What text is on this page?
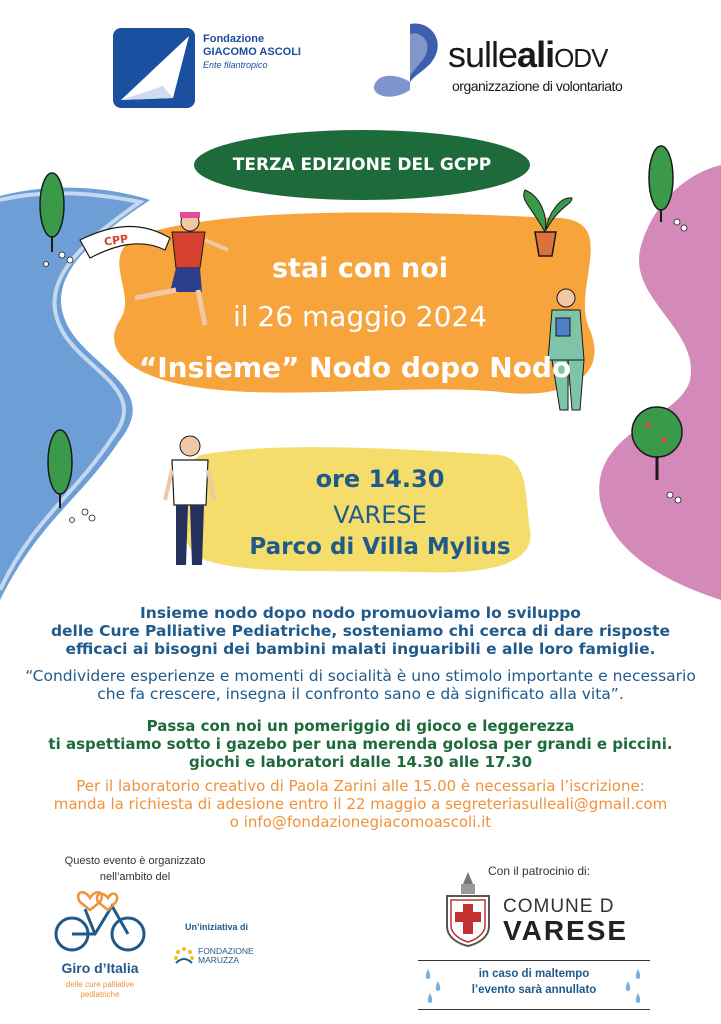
Fondazione
GIACOMO ASCOLI
Ente filantropico	sullealiODV
organizzazione di volontariato
TERZA EDIZIONE DEL GCPP
CPP
stai con noi
il 26 maggio 2024
“Insieme” Nodo dopo Nodo
ore 14.30
VARESE
Parco di Villa Mylius
Insieme nodo dopo nodo promuoviamo lo sviluppo
delle Cure Palliative Pediatriche, sosteniamo chi cerca di dare risposte
efficaci ai bisogni dei bambini malati inguaribili e alle loro famiglie.
“Condividere esperienze e momenti di socialità è uno stimolo importante e necessario
che fa crescere, insegna il confronto sano e dà significato alla vita”.
Passa con noi un pomeriggio di gioco e leggerezza
ti aspettiamo sotto i gazebo per una merenda golosa per grandi e piccini.
giochi e laboratori dalle 14.30 alle 17.30
Per il laboratorio creativo di Paola Zarini alle 15.00 è necessaria l’iscrizione:
manda la richiesta di adesione entro il 22 maggio a segreteriasulleali@gmail.com
o info@fondazionegiacomoascoli.it
Questo evento è organizzato
nell’ambito del
Giro d’Italia
delle cure palliative
pediatriche
Un’iniziativa di
FONDAZIONE
MARUZZA
Con il patrocinio di:
COMUNE D
VARESE
in caso di maltempo
l’evento sarà annullato
